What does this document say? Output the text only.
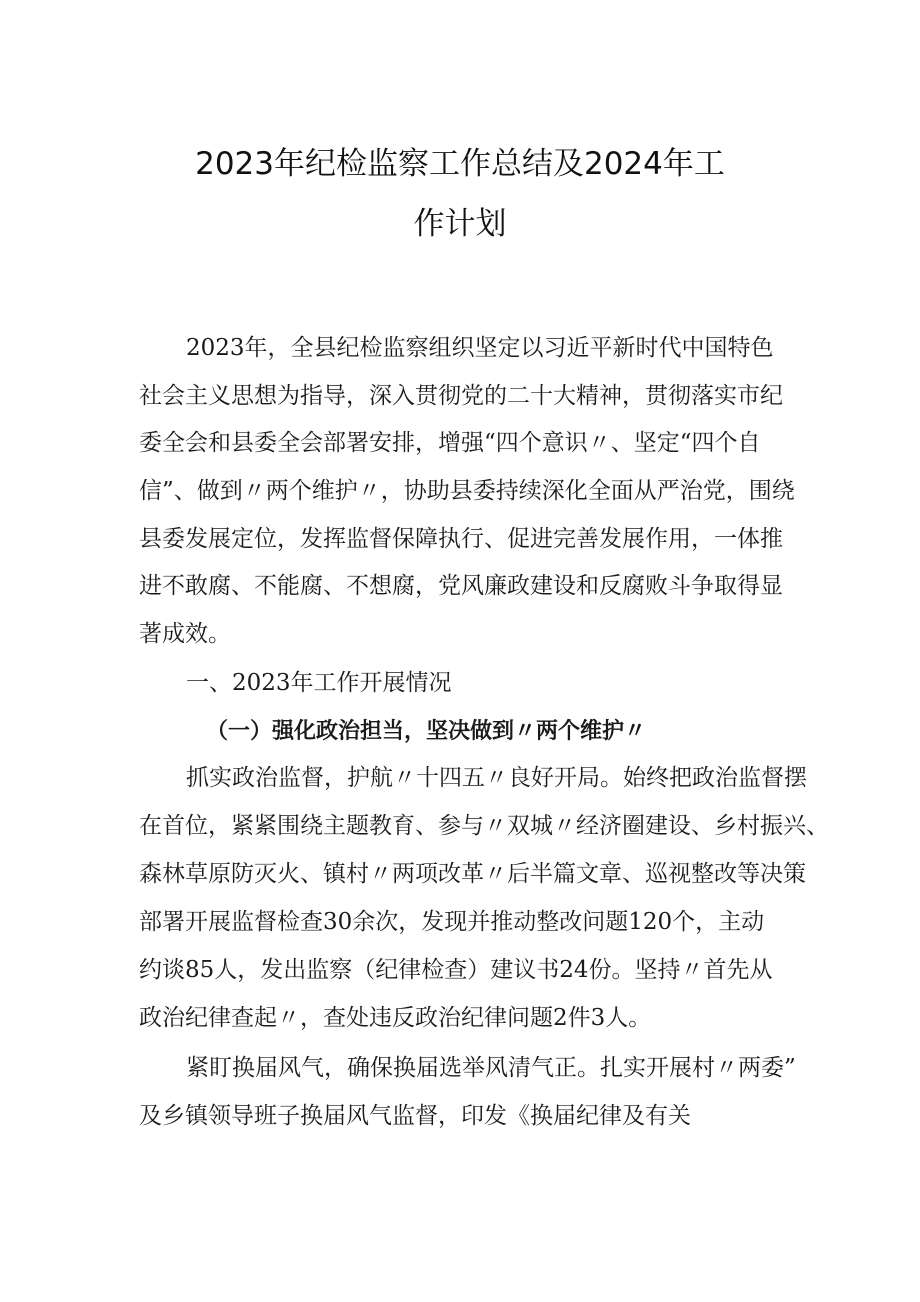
2023年纪检监察工作总结及2024年工
作计划
2023年，全县纪检监察组织坚定以习近平新时代中国特色
社会主义思想为指导，深入贯彻党的二十大精神，贯彻落实市纪
委全会和县委全会部署安排，增强“四个意识〃、坚定“四个自
信”、做到〃两个维护〃，协助县委持续深化全面从严治党，围绕
县委发展定位，发挥监督保障执行、促进完善发展作用，一体推
进不敢腐、不能腐、不想腐，党风廉政建设和反腐败斗争取得显
著成效。
一、2023年工作开展情况
（一）强化政治担当，坚决做到〃两个维护〃
抓实政治监督，护航〃十四五〃良好开局。始终把政治监督摆
在首位，紧紧围绕主题教育、参与〃双城〃经济圈建设、乡村振兴、
森林草原防灭火、镇村〃两项改革〃后半篇文章、巡视整改等决策
部署开展监督检查30余次，发现并推动整改问题120个，主动
约谈85人，发出监察（纪律检查）建议书24份。坚持〃首先从
政治纪律查起〃，查处违反政治纪律问题2件3人。
紧盯换届风气，确保换届选举风清气正。扎实开展村〃两委”
及乡镇领导班子换届风气监督，印发《换届纪律及有关
